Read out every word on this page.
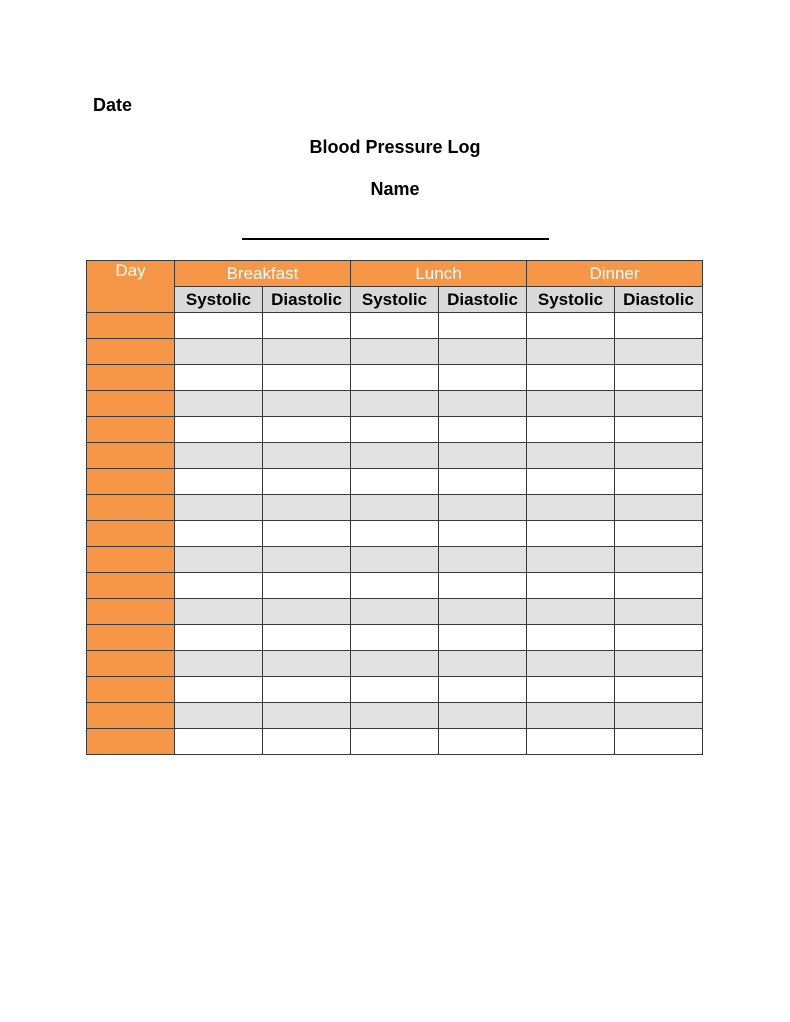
Date
Blood Pressure Log
Name
Day	Breakfast		Lunch		Dinner	
	Systolic	Diastolic	Systolic	Diastolic	Systolic	Diastolic
